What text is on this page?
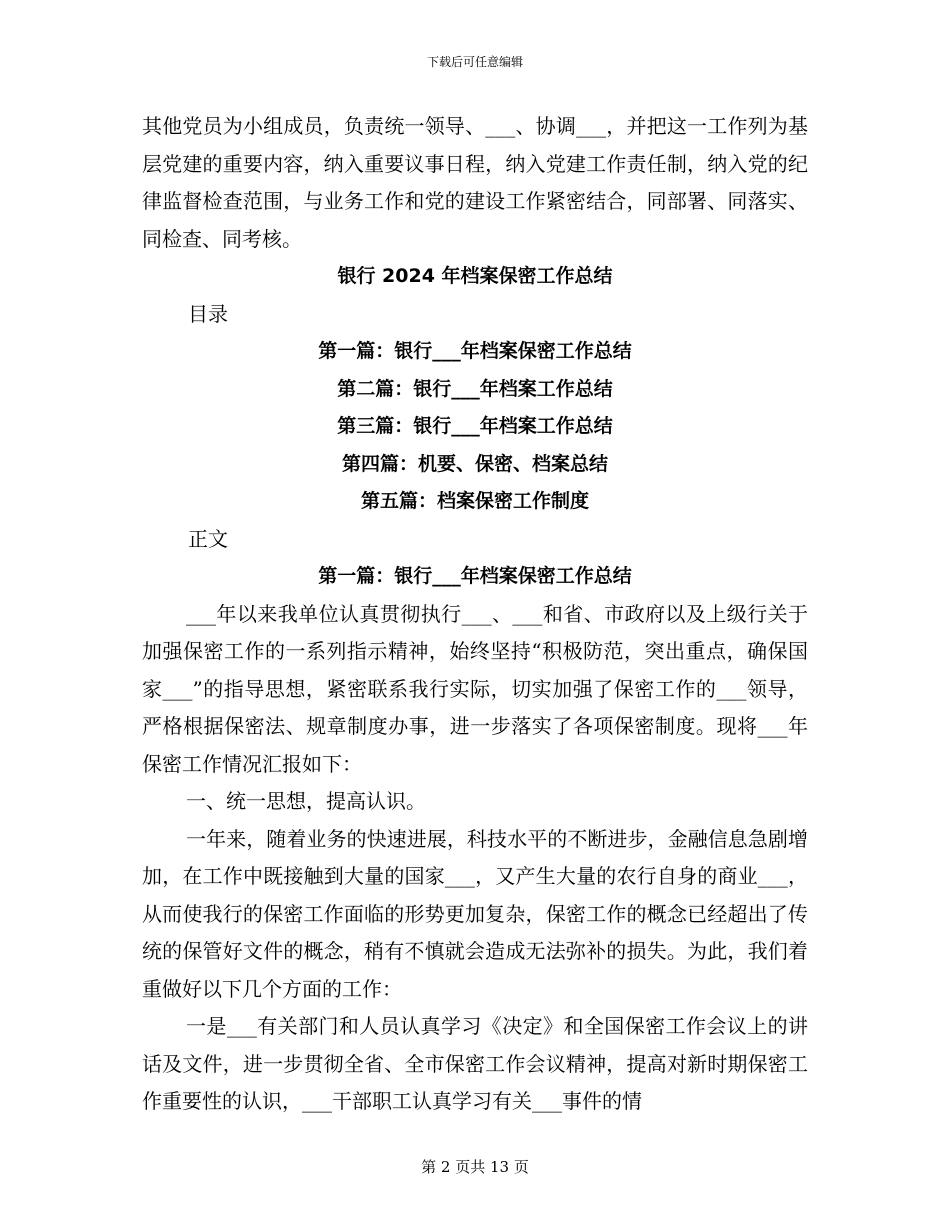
下载后可任意编辑

其他党员为小组成员，负责统一领导、___、协调___，并把这一工作列为基层党建的重要内容，纳入重要议事日程，纳入党建工作责任制，纳入党的纪律监督检查范围，与业务工作和党的建设工作紧密结合，同部署、同落实、同检查、同考核。

银行 2024 年档案保密工作总结

目录

第一篇：银行___年档案保密工作总结

第二篇：银行___年档案工作总结

第三篇：银行___年档案工作总结

第四篇：机要、保密、档案总结

第五篇：档案保密工作制度

正文

第一篇：银行___年档案保密工作总结

___年以来我单位认真贯彻执行___、___和省、市政府以及上级行关于加强保密工作的一系列指示精神，始终坚持“积极防范，突出重点，确保国家___”的指导思想，紧密联系我行实际，切实加强了保密工作的___领导，严格根据保密法、规章制度办事，进一步落实了各项保密制度。现将___年保密工作情况汇报如下：

一、统一思想，提高认识。

一年来，随着业务的快速进展，科技水平的不断进步，金融信息急剧增加，在工作中既接触到大量的国家___，又产生大量的农行自身的商业___，从而使我行的保密工作面临的形势更加复杂，保密工作的概念已经超出了传统的保管好文件的概念，稍有不慎就会造成无法弥补的损失。为此，我们着重做好以下几个方面的工作：

一是___有关部门和人员认真学习《决定》和全国保密工作会议上的讲话及文件，进一步贯彻全省、全市保密工作会议精神，提高对新时期保密工作重要性的认识，___干部职工认真学习有关___事件的情

第 2 页共 13 页
